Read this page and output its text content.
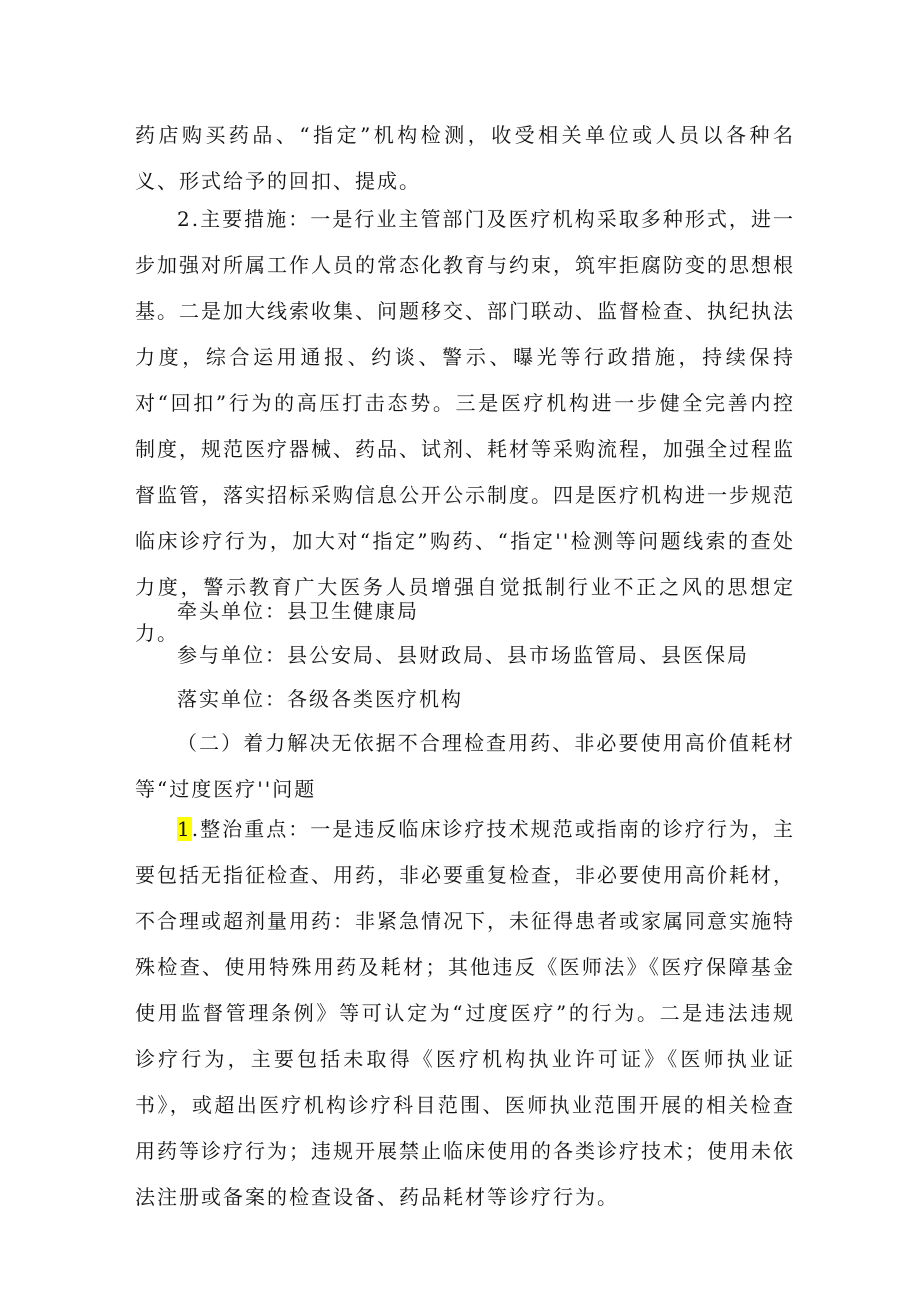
药店购买药品、“指定”机构检测，收受相关单位或人员以各种名义、形式给予的回扣、提成。

2.主要措施：一是行业主管部门及医疗机构采取多种形式，进一步加强对所属工作人员的常态化教育与约束，筑牢拒腐防变的思想根基。二是加大线索收集、问题移交、部门联动、监督检查、执纪执法力度，综合运用通报、约谈、警示、曝光等行政措施，持续保持对“回扣”行为的高压打击态势。三是医疗机构进一步健全完善内控制度，规范医疗器械、药品、试剂、耗材等采购流程，加强全过程监督监管，落实招标采购信息公开公示制度。四是医疗机构进一步规范临床诊疗行为，加大对“指定”购药、“指定''检测等问题线索的查处力度，警示教育广大医务人员增强自觉抵制行业不正之风的思想定力。

牵头单位：县卫生健康局

参与单位：县公安局、县财政局、县市场监管局、县医保局

落实单位：各级各类医疗机构

（二）着力解决无依据不合理检查用药、非必要使用高价值耗材等“过度医疗''问题

1.整治重点：一是违反临床诊疗技术规范或指南的诊疗行为，主要包括无指征检查、用药，非必要重复检查，非必要使用高价耗材，不合理或超剂量用药：非紧急情况下，未征得患者或家属同意实施特殊检查、使用特殊用药及耗材；其他违反《医师法》《医疗保障基金使用监督管理条例》等可认定为“过度医疗”的行为。二是违法违规诊疗行为，主要包括未取得《医疗机构执业许可证》《医师执业证书》，或超出医疗机构诊疗科目范围、医师执业范围开展的相关检查用药等诊疗行为；违规开展禁止临床使用的各类诊疗技术；使用未依法注册或备案的检查设备、药品耗材等诊疗行为。
